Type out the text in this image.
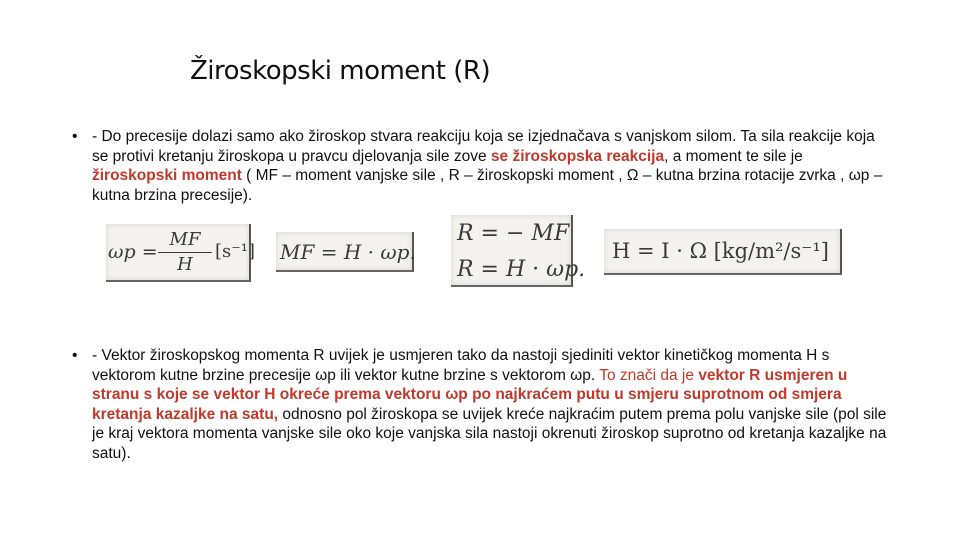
Žiroskopski moment (R)
• - Do precesije dolazi samo ako žiroskop stvara reakciju koja se izjednačava s vanjskom silom. Ta sila reakcije koja se protivi kretanju žiroskopa u pravcu djelovanja sile zove se žiroskopska reakcija, a moment te sile je žiroskopski moment ( MF – moment vanjske sile , R – žiroskopski moment , Ω – kutna brzina rotacije zvrka , ωp – kutna brzina precesije).
ωp =
MF
H
[s⁻¹] MF = H · ωp.
R = − MF
R = H · ωp.
H = I · Ω [kg/m²/s⁻¹]
• - Vektor žiroskopskog momenta R uvijek je usmjeren tako da nastoji sjediniti vektor kinetičkog momenta H s vektorom kutne brzine precesije ωp ili vektor kutne brzine s vektorom ωp. To znači da je vektor R usmjeren u stranu s koje se vektor H okreće prema vektoru ωp po najkraćem putu u smjeru suprotnom od smjera kretanja kazaljke na satu, odnosno pol žiroskopa se uvijek kreće najkraćim putem prema polu vanjske sile (pol sile je kraj vektora momenta vanjske sile oko koje vanjska sila nastoji okrenuti žiroskop suprotno od kretanja kazaljke na satu).
